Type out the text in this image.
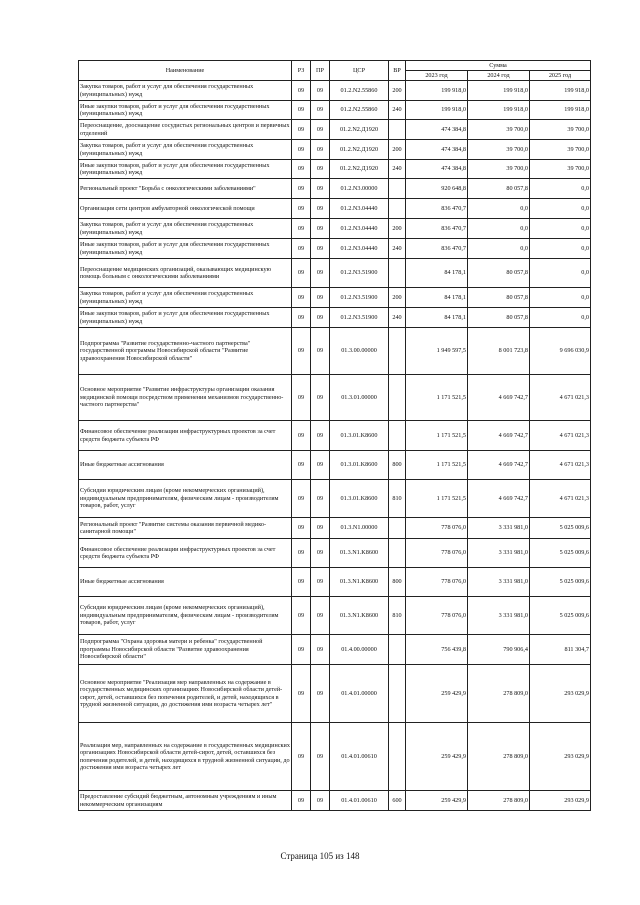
Наименование	РЗ	ПР	ЦСР	ВР	Сумма		
					2023 год	2024 год	2025 год
Закупка товаров, работ и услуг для обеспечения государственных (муниципальных) нужд	09	09	01.2.N2.55860	200	199 918,0	199 918,0	199 918,0
Иные закупки товаров, работ и услуг для обеспечения государственных (муниципальных) нужд	09	09	01.2.N2.55860	240	199 918,0	199 918,0	199 918,0
Переоснащение, дооснащение сосудистых региональных центров и первичных отделений	09	09	01.2.N2.Д1920		474 384,8	39 700,0	39 700,0
Закупка товаров, работ и услуг для обеспечения государственных (муниципальных) нужд	09	09	01.2.N2.Д1920	200	474 384,8	39 700,0	39 700,0
Иные закупки товаров, работ и услуг для обеспечения государственных (муниципальных) нужд	09	09	01.2.N2.Д1920	240	474 384,8	39 700,0	39 700,0
Региональный проект "Борьба с онкологическими заболеваниями"	09	09	01.2.N3.00000		920 648,8	80 057,8	0,0
Организация сети центров амбулаторной онкологической помощи	09	09	01.2.N3.04440		836 470,7	0,0	0,0
Закупка товаров, работ и услуг для обеспечения государственных (муниципальных) нужд	09	09	01.2.N3.04440	200	836 470,7	0,0	0,0
Иные закупки товаров, работ и услуг для обеспечения государственных (муниципальных) нужд	09	09	01.2.N3.04440	240	836 470,7	0,0	0,0
Переоснащение медицинских организаций, оказывающих медицинскую помощь больным с онкологическими заболеваниями	09	09	01.2.N3.51900		84 178,1	80 057,8	0,0
Закупка товаров, работ и услуг для обеспечения государственных (муниципальных) нужд	09	09	01.2.N3.51900	200	84 178,1	80 057,8	0,0
Иные закупки товаров, работ и услуг для обеспечения государственных (муниципальных) нужд	09	09	01.2.N3.51900	240	84 178,1	80 057,8	0,0
Подпрограмма "Развитие государственно-частного партнерства" государственной программы Новосибирской области "Развитие здравоохранения Новосибирской области"	09	09	01.3.00.00000		1 949 597,5	8 001 723,8	9 696 030,9
Основное мероприятие "Развитие инфраструктуры организации оказания медицинской помощи посредством применения механизмов государственно-частного партнерства"	09	09	01.3.01.00000		1 171 521,5	4 669 742,7	4 671 021,3
Финансовое обеспечение реализации инфраструктурных проектов за счет средств бюджета субъекта РФ	09	09	01.3.01.K8600		1 171 521,5	4 669 742,7	4 671 021,3
Иные бюджетные ассигнования	09	09	01.3.01.K8600	800	1 171 521,5	4 669 742,7	4 671 021,3
Субсидии юридическим лицам (кроме некоммерческих организаций), индивидуальным предпринимателям, физическим лицам - производителям товаров, работ, услуг	09	09	01.3.01.K8600	810	1 171 521,5	4 669 742,7	4 671 021,3
Региональный проект "Развитие системы оказания первичной медико-санитарной помощи"	09	09	01.3.N1.00000		778 076,0	3 331 981,0	5 025 009,6
Финансовое обеспечение реализации инфраструктурных проектов за счет средств бюджета субъекта РФ	09	09	01.3.N1.K8600		778 076,0	3 331 981,0	5 025 009,6
Иные бюджетные ассигнования	09	09	01.3.N1.K8600	800	778 076,0	3 331 981,0	5 025 009,6
Субсидии юридическим лицам (кроме некоммерческих организаций), индивидуальным предпринимателям, физическим лицам - производителям товаров, работ, услуг	09	09	01.3.N1.K8600	810	778 076,0	3 331 981,0	5 025 009,6
Подпрограмма "Охрана здоровья матери и ребенка" государственной программы Новосибирской области "Развитие здравоохранения Новосибирской области"	09	09	01.4.00.00000		756 439,8	790 906,4	811 304,7
Основное мероприятие "Реализация мер направленных на содержание в государственных медицинских организациях Новосибирской области детей-сирот, детей, оставшихся без попечения родителей, и детей, находящихся в трудной жизненной ситуации, до достижения ими возраста четырех лет"	09	09	01.4.01.00000		259 429,9	278 809,0	293 029,9
Реализация мер, направленных на содержание в государственных медицинских организациях Новосибирской области детей-сирот, детей, оставшихся без попечения родителей, и детей, находящихся в трудной жизненной ситуации, до достижения ими возраста четырех лет	09	09	01.4.01.00610		259 429,9	278 809,0	293 029,9
Предоставление субсидий бюджетным, автономным учреждениям и иным некоммерческим организациям	09	09	01.4.01.00610	600	259 429,9	278 809,0	293 029,9
Страница 105 из 148
